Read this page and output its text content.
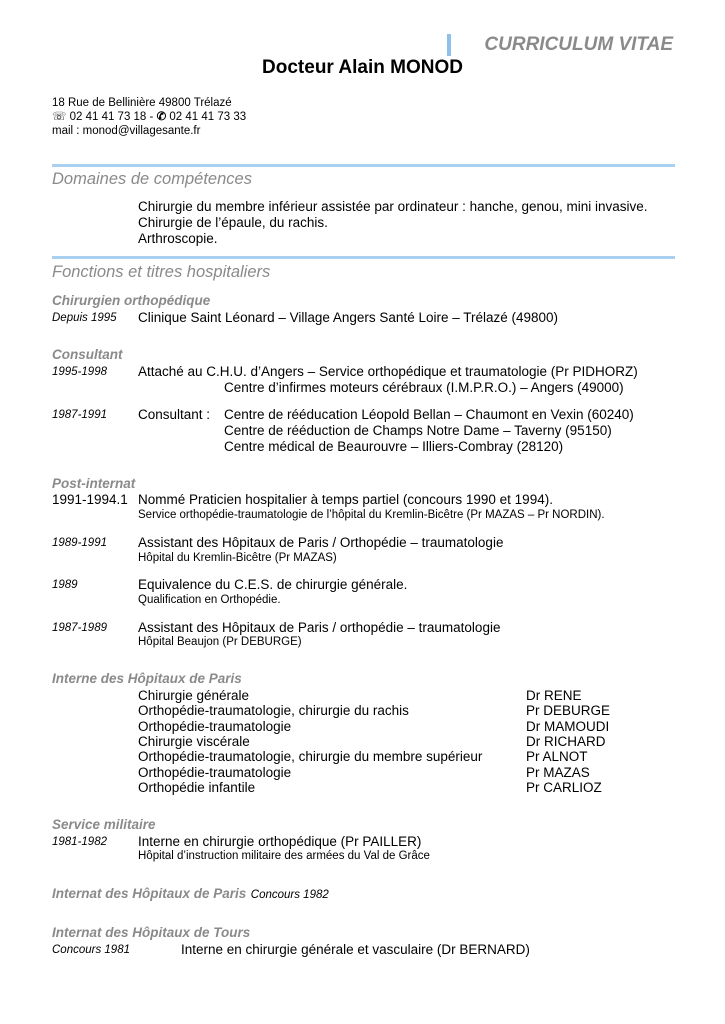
CURRICULUM VITAE
Docteur Alain MONOD
18 Rue de Bellinière 49800 Trélazé
☏ 02 41 41 73 18 - ✆ 02 41 41 73 33
mail : monod@villagesante.fr
Domaines de compétences
Chirurgie du membre inférieur assistée par ordinateur : hanche, genou, mini invasive.
Chirurgie de l’épaule, du rachis.
Arthroscopie.
Fonctions et titres hospitaliers
Chirurgien orthopédique
Depuis 1995 Clinique Saint Léonard – Village Angers Santé Loire – Trélazé (49800)
Consultant
1995-1998 Attaché au C.H.U. d’Angers – Service orthopédique et traumatologie (Pr PIDHORZ)
Centre d’infirmes moteurs cérébraux (I.M.P.R.O.) – Angers (49000)
1987-1991 Consultant : Centre de rééducation Léopold Bellan – Chaumont en Vexin (60240)
Centre de rééduction de Champs Notre Dame – Taverny (95150)
Centre médical de Beaurouvre – Illiers-Combray (28120)
Post-internat
1991-1994.1 Nommé Praticien hospitalier à temps partiel (concours 1990 et 1994).
Service orthopédie-traumatologie de l’hôpital du Kremlin-Bicêtre (Pr MAZAS – Pr NORDIN).
1989-1991 Assistant des Hôpitaux de Paris / Orthopédie – traumatologie
Hôpital du Kremlin-Bicêtre (Pr MAZAS)
1989	Equivalence du C.E.S. de chirurgie générale.
Qualification en Orthopédie.
1987-1989 Assistant des Hôpitaux de Paris / orthopédie – traumatologie
Hôpital Beaujon (Pr DEBURGE)
Interne des Hôpitaux de Paris
Chirurgie générale	Dr RENE
Orthopédie-traumatologie, chirurgie du rachis	Pr DEBURGE
Orthopédie-traumatologie	Dr MAMOUDI
Chirurgie viscérale	Dr RICHARD
Orthopédie-traumatologie, chirurgie du membre supérieur	Pr ALNOT
Orthopédie-traumatologie	Pr MAZAS
Orthopédie infantile	Pr CARLIOZ
Service militaire
1981-1982 Interne en chirurgie orthopédique (Pr PAILLER)
Hôpital d’instruction militaire des armées du Val de Grâce
Internat des Hôpitaux de Paris Concours 1982
Internat des Hôpitaux de Tours
Concours 1981	Interne en chirurgie générale et vasculaire (Dr BERNARD)
